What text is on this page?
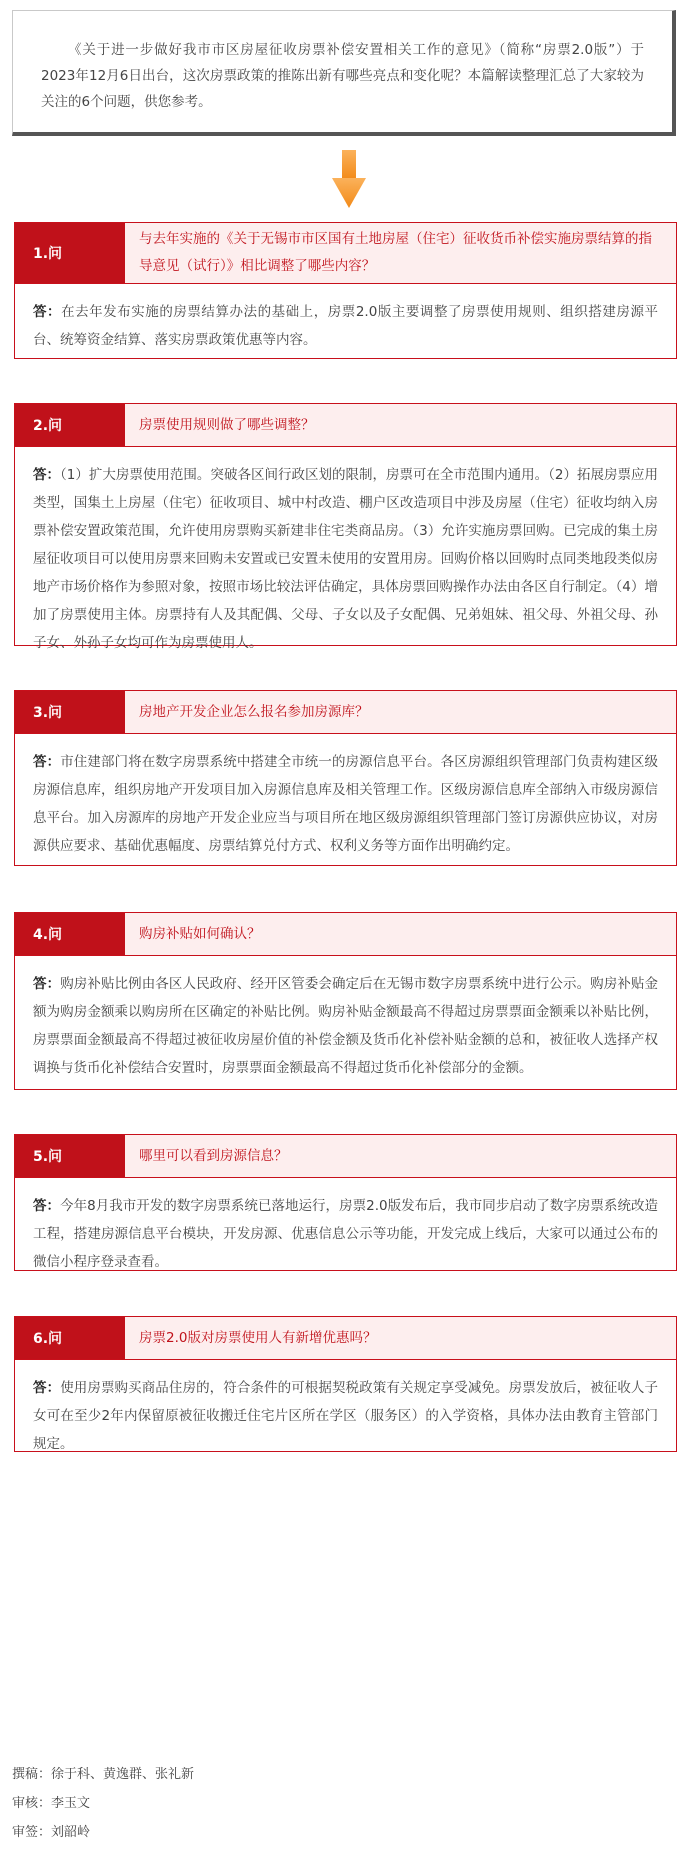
《关于进一步做好我市市区房屋征收房票补偿安置相关工作的意见》（简称“房票2.0版”）于2023年12月6日出台，这次房票政策的推陈出新有哪些亮点和变化呢？本篇解读整理汇总了大家较为关注的6个问题，供您参考。
1.问
与去年实施的《关于无锡市市区国有土地房屋（住宅）征收货币补偿实施房票结算的指导意见（试行）》相比调整了哪些内容？
答：在去年发布实施的房票结算办法的基础上，房票2.0版主要调整了房票使用规则、组织搭建房源平台、统筹资金结算、落实房票政策优惠等内容。
2.问	房票使用规则做了哪些调整？
答：（1）扩大房票使用范围。突破各区间行政区划的限制，房票可在全市范围内通用。（2）拓展房票应用类型，国集土上房屋（住宅）征收项目、城中村改造、棚户区改造项目中涉及房屋（住宅）征收均纳入房票补偿安置政策范围，允许使用房票购买新建非住宅类商品房。（3）允许实施房票回购。已完成的集土房屋征收项目可以使用房票来回购未安置或已安置未使用的安置用房。回购价格以回购时点同类地段类似房地产市场价格作为参照对象，按照市场比较法评估确定，具体房票回购操作办法由各区自行制定。（4）增加了房票使用主体。房票持有人及其配偶、父母、子女以及子女配偶、兄弟姐妹、祖父母、外祖父母、孙子女、外孙子女均可作为房票使用人。
3.问	房地产开发企业怎么报名参加房源库？
答：市住建部门将在数字房票系统中搭建全市统一的房源信息平台。各区房源组织管理部门负责构建区级房源信息库，组织房地产开发项目加入房源信息库及相关管理工作。区级房源信息库全部纳入市级房源信息平台。加入房源库的房地产开发企业应当与项目所在地区级房源组织管理部门签订房源供应协议，对房源供应要求、基础优惠幅度、房票结算兑付方式、权利义务等方面作出明确约定。
4.问	购房补贴如何确认？
答：购房补贴比例由各区人民政府、经开区管委会确定后在无锡市数字房票系统中进行公示。购房补贴金额为购房金额乘以购房所在区确定的补贴比例。购房补贴金额最高不得超过房票票面金额乘以补贴比例，房票票面金额最高不得超过被征收房屋价值的补偿金额及货币化补偿补贴金额的总和，被征收人选择产权调换与货币化补偿结合安置时，房票票面金额最高不得超过货币化补偿部分的金额。
5.问	哪里可以看到房源信息？
答：今年8月我市开发的数字房票系统已落地运行，房票2.0版发布后，我市同步启动了数字房票系统改造工程，搭建房源信息平台模块，开发房源、优惠信息公示等功能，开发完成上线后，大家可以通过公布的微信小程序登录查看。
6.问	房票2.0版对房票使用人有新增优惠吗？
答：使用房票购买商品住房的，符合条件的可根据契税政策有关规定享受减免。房票发放后，被征收人子女可在至少2年内保留原被征收搬迁住宅片区所在学区（服务区）的入学资格，具体办法由教育主管部门规定。
撰稿：徐于科、黄逸群、张礼新
审核：李玉文
审签：刘韶岭
